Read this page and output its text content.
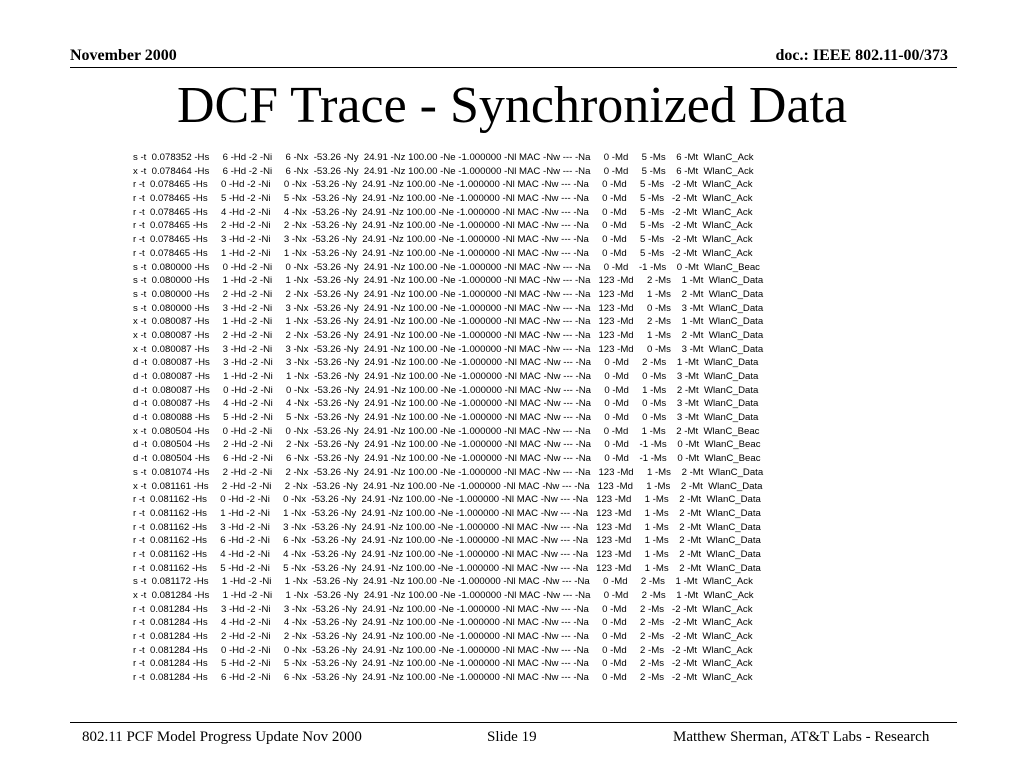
November 2000	doc.: IEEE 802.11-00/373
DCF Trace - Synchronized Data
s -t  0.078352 -Hs     6 -Hd -2 -Ni     6 -Nx  -53.26 -Ny  24.91 -Nz 100.00 -Ne -1.000000 -Nl MAC -Nw --- -Na     0 -Md     5 -Ms    6 -Mt  WlanC_Ack
x -t  0.078464 -Hs     6 -Hd -2 -Ni     6 -Nx  -53.26 -Ny  24.91 -Nz 100.00 -Ne -1.000000 -Nl MAC -Nw --- -Na     0 -Md     5 -Ms    6 -Mt  WlanC_Ack
r -t  0.078465 -Hs     0 -Hd -2 -Ni     0 -Nx  -53.26 -Ny  24.91 -Nz 100.00 -Ne -1.000000 -Nl MAC -Nw --- -Na     0 -Md     5 -Ms   -2 -Mt  WlanC_Ack
r -t  0.078465 -Hs     5 -Hd -2 -Ni     5 -Nx  -53.26 -Ny  24.91 -Nz 100.00 -Ne -1.000000 -Nl MAC -Nw --- -Na     0 -Md     5 -Ms   -2 -Mt  WlanC_Ack
r -t  0.078465 -Hs     4 -Hd -2 -Ni     4 -Nx  -53.26 -Ny  24.91 -Nz 100.00 -Ne -1.000000 -Nl MAC -Nw --- -Na     0 -Md     5 -Ms   -2 -Mt  WlanC_Ack
r -t  0.078465 -Hs     2 -Hd -2 -Ni     2 -Nx  -53.26 -Ny  24.91 -Nz 100.00 -Ne -1.000000 -Nl MAC -Nw --- -Na     0 -Md     5 -Ms   -2 -Mt  WlanC_Ack
r -t  0.078465 -Hs     3 -Hd -2 -Ni     3 -Nx  -53.26 -Ny  24.91 -Nz 100.00 -Ne -1.000000 -Nl MAC -Nw --- -Na     0 -Md     5 -Ms   -2 -Mt  WlanC_Ack
r -t  0.078465 -Hs     1 -Hd -2 -Ni     1 -Nx  -53.26 -Ny  24.91 -Nz 100.00 -Ne -1.000000 -Nl MAC -Nw --- -Na     0 -Md     5 -Ms   -2 -Mt  WlanC_Ack
s -t  0.080000 -Hs     0 -Hd -2 -Ni     0 -Nx  -53.26 -Ny  24.91 -Nz 100.00 -Ne -1.000000 -Nl MAC -Nw --- -Na     0 -Md    -1 -Ms    0 -Mt  WlanC_Beac
s -t  0.080000 -Hs     1 -Hd -2 -Ni     1 -Nx  -53.26 -Ny  24.91 -Nz 100.00 -Ne -1.000000 -Nl MAC -Nw --- -Na   123 -Md     2 -Ms    1 -Mt  WlanC_Data
s -t  0.080000 -Hs     2 -Hd -2 -Ni     2 -Nx  -53.26 -Ny  24.91 -Nz 100.00 -Ne -1.000000 -Nl MAC -Nw --- -Na   123 -Md     1 -Ms    2 -Mt  WlanC_Data
s -t  0.080000 -Hs     3 -Hd -2 -Ni     3 -Nx  -53.26 -Ny  24.91 -Nz 100.00 -Ne -1.000000 -Nl MAC -Nw --- -Na   123 -Md     0 -Ms    3 -Mt  WlanC_Data
x -t  0.080087 -Hs     1 -Hd -2 -Ni     1 -Nx  -53.26 -Ny  24.91 -Nz 100.00 -Ne -1.000000 -Nl MAC -Nw --- -Na   123 -Md     2 -Ms    1 -Mt  WlanC_Data
x -t  0.080087 -Hs     2 -Hd -2 -Ni     2 -Nx  -53.26 -Ny  24.91 -Nz 100.00 -Ne -1.000000 -Nl MAC -Nw --- -Na   123 -Md     1 -Ms    2 -Mt  WlanC_Data
x -t  0.080087 -Hs     3 -Hd -2 -Ni     3 -Nx  -53.26 -Ny  24.91 -Nz 100.00 -Ne -1.000000 -Nl MAC -Nw --- -Na   123 -Md     0 -Ms    3 -Mt  WlanC_Data
d -t  0.080087 -Hs     3 -Hd -2 -Ni     3 -Nx  -53.26 -Ny  24.91 -Nz 100.00 -Ne -1.000000 -Nl MAC -Nw --- -Na     0 -Md     2 -Ms    1 -Mt  WlanC_Data
d -t  0.080087 -Hs     1 -Hd -2 -Ni     1 -Nx  -53.26 -Ny  24.91 -Nz 100.00 -Ne -1.000000 -Nl MAC -Nw --- -Na     0 -Md     0 -Ms    3 -Mt  WlanC_Data
d -t  0.080087 -Hs     0 -Hd -2 -Ni     0 -Nx  -53.26 -Ny  24.91 -Nz 100.00 -Ne -1.000000 -Nl MAC -Nw --- -Na     0 -Md     1 -Ms    2 -Mt  WlanC_Data
d -t  0.080087 -Hs     4 -Hd -2 -Ni     4 -Nx  -53.26 -Ny  24.91 -Nz 100.00 -Ne -1.000000 -Nl MAC -Nw --- -Na     0 -Md     0 -Ms    3 -Mt  WlanC_Data
d -t  0.080088 -Hs     5 -Hd -2 -Ni     5 -Nx  -53.26 -Ny  24.91 -Nz 100.00 -Ne -1.000000 -Nl MAC -Nw --- -Na     0 -Md     0 -Ms    3 -Mt  WlanC_Data
x -t  0.080504 -Hs     0 -Hd -2 -Ni     0 -Nx  -53.26 -Ny  24.91 -Nz 100.00 -Ne -1.000000 -Nl MAC -Nw --- -Na     0 -Md     1 -Ms    2 -Mt  WlanC_Beac
d -t  0.080504 -Hs     2 -Hd -2 -Ni     2 -Nx  -53.26 -Ny  24.91 -Nz 100.00 -Ne -1.000000 -Nl MAC -Nw --- -Na     0 -Md    -1 -Ms    0 -Mt  WlanC_Beac
d -t  0.080504 -Hs     6 -Hd -2 -Ni     6 -Nx  -53.26 -Ny  24.91 -Nz 100.00 -Ne -1.000000 -Nl MAC -Nw --- -Na     0 -Md    -1 -Ms    0 -Mt  WlanC_Beac
s -t  0.081074 -Hs     2 -Hd -2 -Ni     2 -Nx  -53.26 -Ny  24.91 -Nz 100.00 -Ne -1.000000 -Nl MAC -Nw --- -Na   123 -Md     1 -Ms    2 -Mt  WlanC_Data
x -t  0.081161 -Hs     2 -Hd -2 -Ni     2 -Nx  -53.26 -Ny  24.91 -Nz 100.00 -Ne -1.000000 -Nl MAC -Nw --- -Na   123 -Md     1 -Ms    2 -Mt  WlanC_Data
r -t  0.081162 -Hs     0 -Hd -2 -Ni     0 -Nx  -53.26 -Ny  24.91 -Nz 100.00 -Ne -1.000000 -Nl MAC -Nw --- -Na   123 -Md     1 -Ms    2 -Mt  WlanC_Data
r -t  0.081162 -Hs     1 -Hd -2 -Ni     1 -Nx  -53.26 -Ny  24.91 -Nz 100.00 -Ne -1.000000 -Nl MAC -Nw --- -Na   123 -Md     1 -Ms    2 -Mt  WlanC_Data
r -t  0.081162 -Hs     3 -Hd -2 -Ni     3 -Nx  -53.26 -Ny  24.91 -Nz 100.00 -Ne -1.000000 -Nl MAC -Nw --- -Na   123 -Md     1 -Ms    2 -Mt  WlanC_Data
r -t  0.081162 -Hs     6 -Hd -2 -Ni     6 -Nx  -53.26 -Ny  24.91 -Nz 100.00 -Ne -1.000000 -Nl MAC -Nw --- -Na   123 -Md     1 -Ms    2 -Mt  WlanC_Data
r -t  0.081162 -Hs     4 -Hd -2 -Ni     4 -Nx  -53.26 -Ny  24.91 -Nz 100.00 -Ne -1.000000 -Nl MAC -Nw --- -Na   123 -Md     1 -Ms    2 -Mt  WlanC_Data
r -t  0.081162 -Hs     5 -Hd -2 -Ni     5 -Nx  -53.26 -Ny  24.91 -Nz 100.00 -Ne -1.000000 -Nl MAC -Nw --- -Na   123 -Md     1 -Ms    2 -Mt  WlanC_Data
s -t  0.081172 -Hs     1 -Hd -2 -Ni     1 -Nx  -53.26 -Ny  24.91 -Nz 100.00 -Ne -1.000000 -Nl MAC -Nw --- -Na     0 -Md     2 -Ms    1 -Mt  WlanC_Ack
x -t  0.081284 -Hs     1 -Hd -2 -Ni     1 -Nx  -53.26 -Ny  24.91 -Nz 100.00 -Ne -1.000000 -Nl MAC -Nw --- -Na     0 -Md     2 -Ms    1 -Mt  WlanC_Ack
r -t  0.081284 -Hs     3 -Hd -2 -Ni     3 -Nx  -53.26 -Ny  24.91 -Nz 100.00 -Ne -1.000000 -Nl MAC -Nw --- -Na     0 -Md     2 -Ms   -2 -Mt  WlanC_Ack
r -t  0.081284 -Hs     4 -Hd -2 -Ni     4 -Nx  -53.26 -Ny  24.91 -Nz 100.00 -Ne -1.000000 -Nl MAC -Nw --- -Na     0 -Md     2 -Ms   -2 -Mt  WlanC_Ack
r -t  0.081284 -Hs     2 -Hd -2 -Ni     2 -Nx  -53.26 -Ny  24.91 -Nz 100.00 -Ne -1.000000 -Nl MAC -Nw --- -Na     0 -Md     2 -Ms   -2 -Mt  WlanC_Ack
r -t  0.081284 -Hs     0 -Hd -2 -Ni     0 -Nx  -53.26 -Ny  24.91 -Nz 100.00 -Ne -1.000000 -Nl MAC -Nw --- -Na     0 -Md     2 -Ms   -2 -Mt  WlanC_Ack
r -t  0.081284 -Hs     5 -Hd -2 -Ni     5 -Nx  -53.26 -Ny  24.91 -Nz 100.00 -Ne -1.000000 -Nl MAC -Nw --- -Na     0 -Md     2 -Ms   -2 -Mt  WlanC_Ack
r -t  0.081284 -Hs     6 -Hd -2 -Ni     6 -Nx  -53.26 -Ny  24.91 -Nz 100.00 -Ne -1.000000 -Nl MAC -Nw --- -Na     0 -Md     2 -Ms   -2 -Mt  WlanC_Ack
802.11 PCF Model Progress Update Nov 2000	Slide 19	Matthew Sherman, AT&T Labs - Research
